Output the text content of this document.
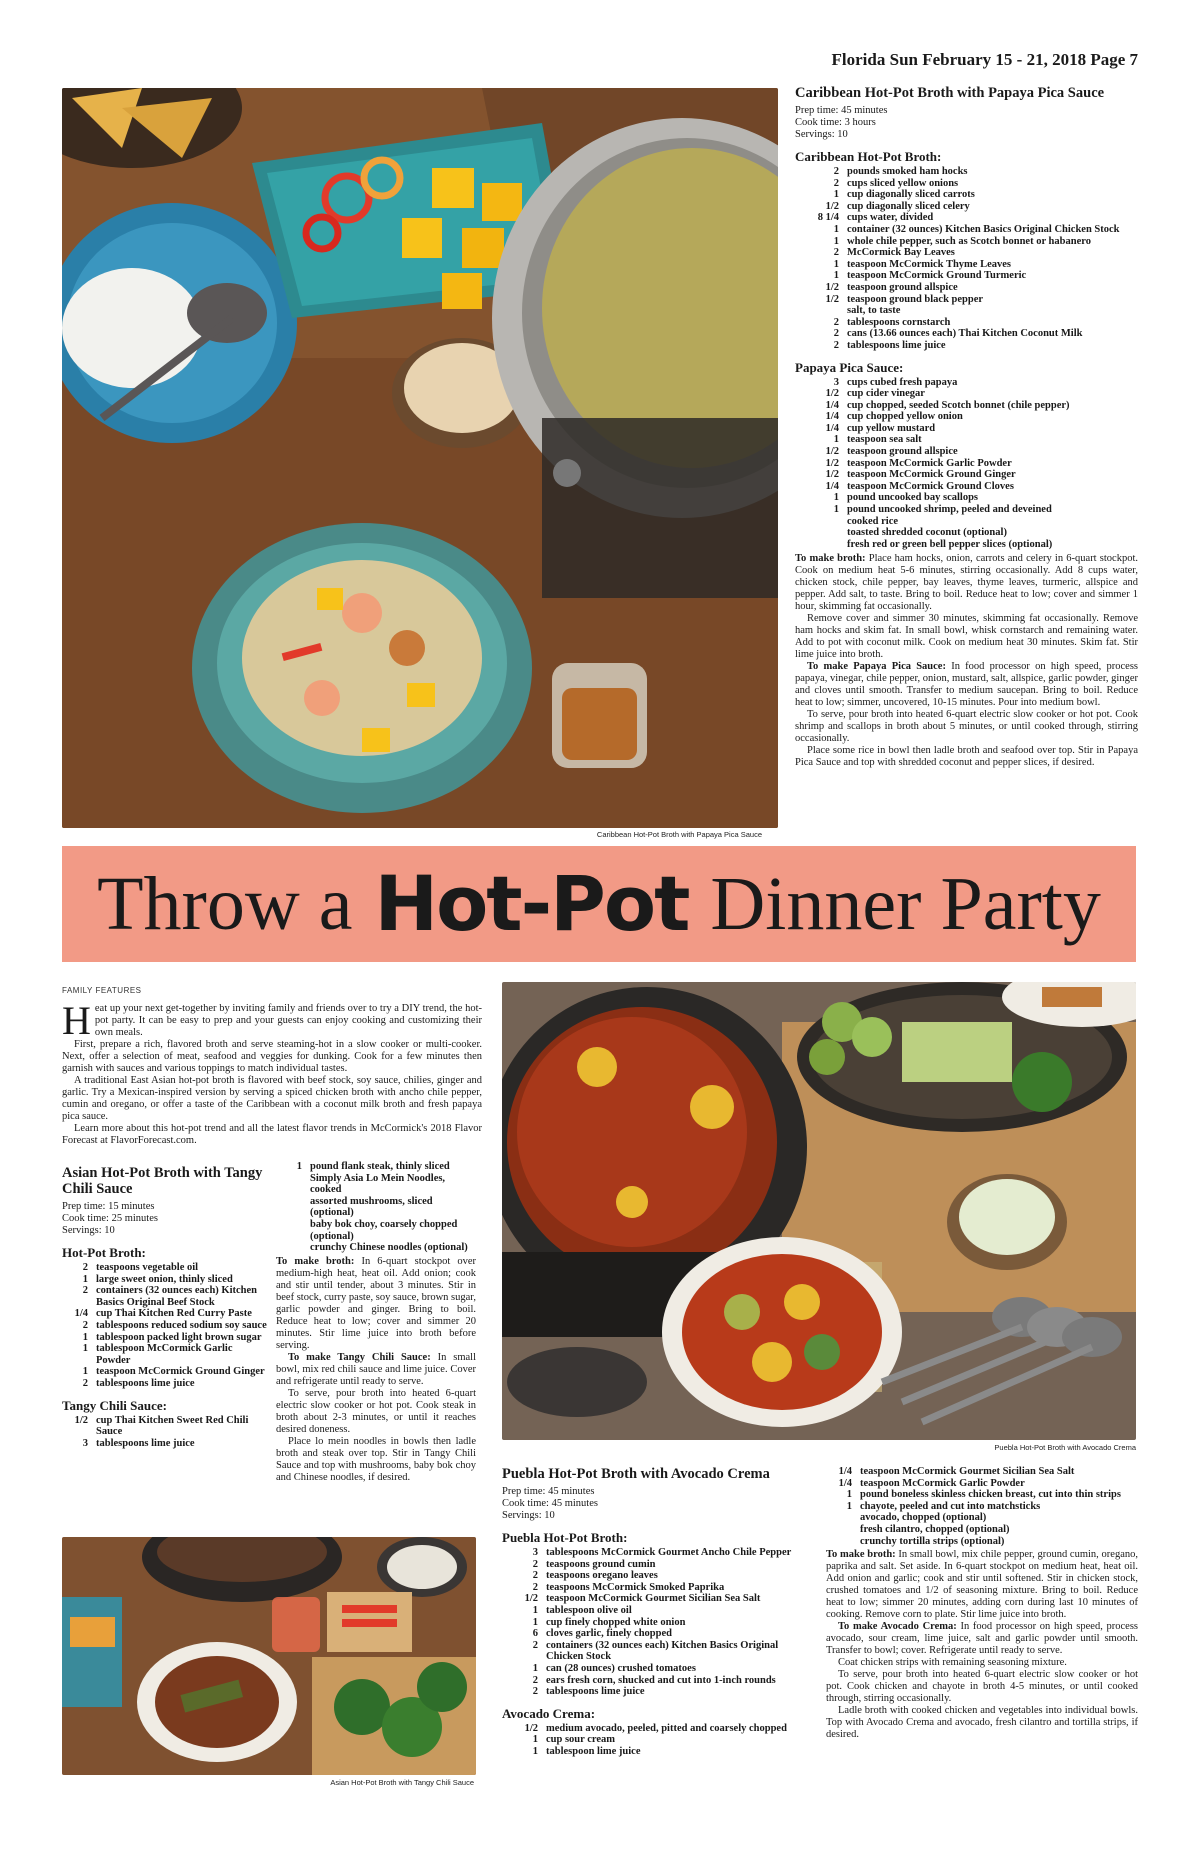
Florida Sun February 15 - 21, 2018 Page 7
Caribbean Hot-Pot Broth with Papaya Pica Sauce
Caribbean Hot-Pot Broth with Papaya Pica Sauce
Prep time: 45 minutes
Cook time: 3 hours
Servings: 10
Caribbean Hot-Pot Broth:
2	pounds smoked ham hocks
2	cups sliced yellow onions
1	cup diagonally sliced carrots
1/2	cup diagonally sliced celery
8 1/4	cups water, divided
1	container (32 ounces) Kitchen Basics Original Chicken Stock
1	whole chile pepper, such as Scotch bonnet or habanero
2	McCormick Bay Leaves
1	teaspoon McCormick Thyme Leaves
1	teaspoon McCormick Ground Turmeric
1/2	teaspoon ground allspice
1/2	teaspoon ground black pepper
	salt, to taste
2	tablespoons cornstarch
2	cans (13.66 ounces each) Thai Kitchen Coconut Milk
2	tablespoons lime juice
Papaya Pica Sauce:
3	cups cubed fresh papaya
1/2	cup cider vinegar
1/4	cup chopped, seeded Scotch bonnet (chile pepper)
1/4	cup chopped yellow onion
1/4	cup yellow mustard
1	teaspoon sea salt
1/2	teaspoon ground allspice
1/2	teaspoon McCormick Garlic Powder
1/2	teaspoon McCormick Ground Ginger
1/4	teaspoon McCormick Ground Cloves
1	pound uncooked bay scallops
1	pound uncooked shrimp, peeled and deveined
	cooked rice
	toasted shredded coconut (optional)
	fresh red or green bell pepper slices (optional)
To make broth: Place ham hocks, onion, carrots and celery in 6-quart stockpot. Cook on medium heat 5-6 minutes, stirring occasionally. Add 8 cups water, chicken stock, chile pepper, bay leaves, thyme leaves, turmeric, allspice and pepper. Add salt, to taste. Bring to boil. Reduce heat to low; cover and simmer 1 hour, skimming fat occasionally.
Remove cover and simmer 30 minutes, skimming fat occasionally. Remove ham hocks and skim fat. In small bowl, whisk cornstarch and remaining water. Add to pot with coconut milk. Cook on medium heat 30 minutes. Skim fat. Stir lime juice into broth.
To make Papaya Pica Sauce: In food processor on high speed, process papaya, vinegar, chile pepper, onion, mustard, salt, allspice, garlic powder, ginger and cloves until smooth. Transfer to medium saucepan. Bring to boil. Reduce heat to low; simmer, uncovered, 10-15 minutes. Pour into medium bowl.
To serve, pour broth into heated 6-quart electric slow cooker or hot pot. Cook shrimp and scallops in broth about 5 minutes, or until cooked through, stirring occasionally.
Place some rice in bowl then ladle broth and seafood over top. Stir in Papaya Pica Sauce and top with shredded coconut and pepper slices, if desired.
Throw a Hot-Pot Dinner Party
FAMILY FEATURES
Heat up your next get-together by inviting family and friends over to try a DIY trend, the hot-pot party. It can be easy to prep and your guests can enjoy cooking and customizing their own meals.
First, prepare a rich, flavored broth and serve steaming-hot in a slow cooker or multi-cooker. Next, offer a selection of meat, seafood and veggies for dunking. Cook for a few minutes then garnish with sauces and various toppings to match individual tastes.
A traditional East Asian hot-pot broth is flavored with beef stock, soy sauce, chilies, ginger and garlic. Try a Mexican-inspired version by serving a spiced chicken broth with ancho chile pepper, cumin and oregano, or offer a taste of the Caribbean with a coconut milk broth and fresh papaya pica sauce.
Learn more about this hot-pot trend and all the latest flavor trends in McCormick's 2018 Flavor Forecast at FlavorForecast.com.
Asian Hot-Pot Broth with Tangy Chili Sauce
Prep time: 15 minutes
Cook time: 25 minutes
Servings: 10
Hot-Pot Broth:
2	teaspoons vegetable oil
1	large sweet onion, thinly sliced
2	containers (32 ounces each) Kitchen Basics Original Beef Stock
1/4	cup Thai Kitchen Red Curry Paste
2	tablespoons reduced sodium soy sauce
1	tablespoon packed light brown sugar
1	tablespoon McCormick Garlic Powder
1	teaspoon McCormick Ground Ginger
2	tablespoons lime juice
Tangy Chili Sauce:
1/2	cup Thai Kitchen Sweet Red Chili Sauce
3	tablespoons lime juice
1	pound flank steak, thinly sliced
	Simply Asia Lo Mein Noodles, cooked
	assorted mushrooms, sliced (optional)
	baby bok choy, coarsely chopped (optional)
	crunchy Chinese noodles (optional)
To make broth: In 6-quart stockpot over medium-high heat, heat oil. Add onion; cook and stir until tender, about 3 minutes. Stir in beef stock, curry paste, soy sauce, brown sugar, garlic powder and ginger. Bring to boil. Reduce heat to low; cover and simmer 20 minutes. Stir lime juice into broth before serving.
To make Tangy Chili Sauce: In small bowl, mix red chili sauce and lime juice. Cover and refrigerate until ready to serve.
To serve, pour broth into heated 6-quart electric slow cooker or hot pot. Cook steak in broth about 2-3 minutes, or until it reaches desired doneness.
Place lo mein noodles in bowls then ladle broth and steak over top. Stir in Tangy Chili Sauce and top with mushrooms, baby bok choy and Chinese noodles, if desired.
Asian Hot-Pot Broth with Tangy Chili Sauce
Puebla Hot-Pot Broth with Avocado Crema
Puebla Hot-Pot Broth with Avocado Crema
Prep time: 45 minutes
Cook time: 45 minutes
Servings: 10
Puebla Hot-Pot Broth:
3	tablespoons McCormick Gourmet Ancho Chile Pepper
2	teaspoons ground cumin
2	teaspoons oregano leaves
2	teaspoons McCormick Smoked Paprika
1/2	teaspoon McCormick Gourmet Sicilian Sea Salt
1	tablespoon olive oil
1	cup finely chopped white onion
6	cloves garlic, finely chopped
2	containers (32 ounces each) Kitchen Basics Original Chicken Stock
1	can (28 ounces) crushed tomatoes
2	ears fresh corn, shucked and cut into 1-inch rounds
2	tablespoons lime juice
Avocado Crema:
1/2	medium avocado, peeled, pitted and coarsely chopped
1	cup sour cream
1	tablespoon lime juice
1/4	teaspoon McCormick Gourmet Sicilian Sea Salt
1/4	teaspoon McCormick Garlic Powder
1	pound boneless skinless chicken breast, cut into thin strips
1	chayote, peeled and cut into matchsticks
	avocado, chopped (optional)
	fresh cilantro, chopped (optional)
	crunchy tortilla strips (optional)
To make broth: In small bowl, mix chile pepper, ground cumin, oregano, paprika and salt. Set aside. In 6-quart stockpot on medium heat, heat oil. Add onion and garlic; cook and stir until softened. Stir in chicken stock, crushed tomatoes and 1/2 of seasoning mixture. Bring to boil. Reduce heat to low; simmer 20 minutes, adding corn during last 10 minutes of cooking. Remove corn to plate. Stir lime juice into broth.
To make Avocado Crema: In food processor on high speed, process avocado, sour cream, lime juice, salt and garlic powder until smooth. Transfer to bowl; cover. Refrigerate until ready to serve.
Coat chicken strips with remaining seasoning mixture.
To serve, pour broth into heated 6-quart electric slow cooker or hot pot. Cook chicken and chayote in broth 4-5 minutes, or until cooked through, stirring occasionally.
Ladle broth with cooked chicken and vegetables into individual bowls. Top with Avocado Crema and avocado, fresh cilantro and tortilla strips, if desired.
